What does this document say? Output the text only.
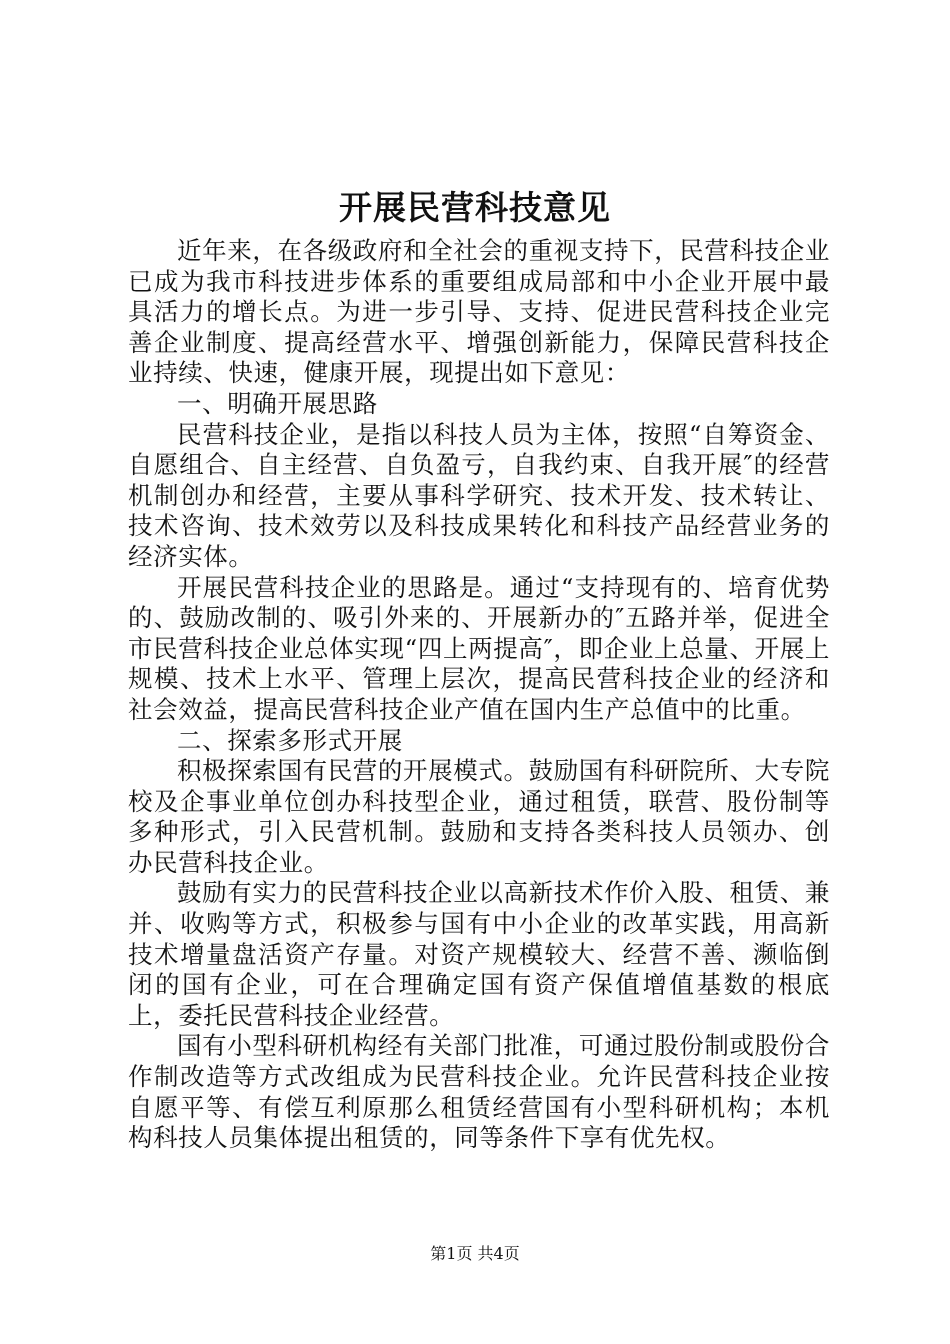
开展民营科技意见

近年来，在各级政府和全社会的重视支持下，民营科技企业已成为我市科技进步体系的重要组成局部和中小企业开展中最具活力的增长点。为进一步引导、支持、促进民营科技企业完善企业制度、提高经营水平、增强创新能力，保障民营科技企业持续、快速，健康开展，现提出如下意见：

一、明确开展思路

民营科技企业，是指以科技人员为主体，按照“自筹资金、自愿组合、自主经营、自负盈亏，自我约束、自我开展″的经营机制创办和经营，主要从事科学研究、技术开发、技术转让、技术咨询、技术效劳以及科技成果转化和科技产品经营业务的经济实体。

开展民营科技企业的思路是。通过“支持现有的、培育优势的、鼓励改制的、吸引外来的、开展新办的″五路并举，促进全市民营科技企业总体实现“四上两提高″，即企业上总量、开展上规模、技术上水平、管理上层次，提高民营科技企业的经济和社会效益，提高民营科技企业产值在国内生产总值中的比重。

二、探索多形式开展

积极探索国有民营的开展模式。鼓励国有科研院所、大专院校及企事业单位创办科技型企业，通过租赁，联营、股份制等多种形式，引入民营机制。鼓励和支持各类科技人员领办、创办民营科技企业。

鼓励有实力的民营科技企业以高新技术作价入股、租赁、兼并、收购等方式，积极参与国有中小企业的改革实践，用高新技术增量盘活资产存量。对资产规模较大、经营不善、濒临倒闭的国有企业，可在合理确定国有资产保值增值基数的根底上，委托民营科技企业经营。

国有小型科研机构经有关部门批准，可通过股份制或股份合作制改造等方式改组成为民营科技企业。允许民营科技企业按自愿平等、有偿互利原那么租赁经营国有小型科研机构；本机构科技人员集体提出租赁的，同等条件下享有优先权。

第1页 共4页
